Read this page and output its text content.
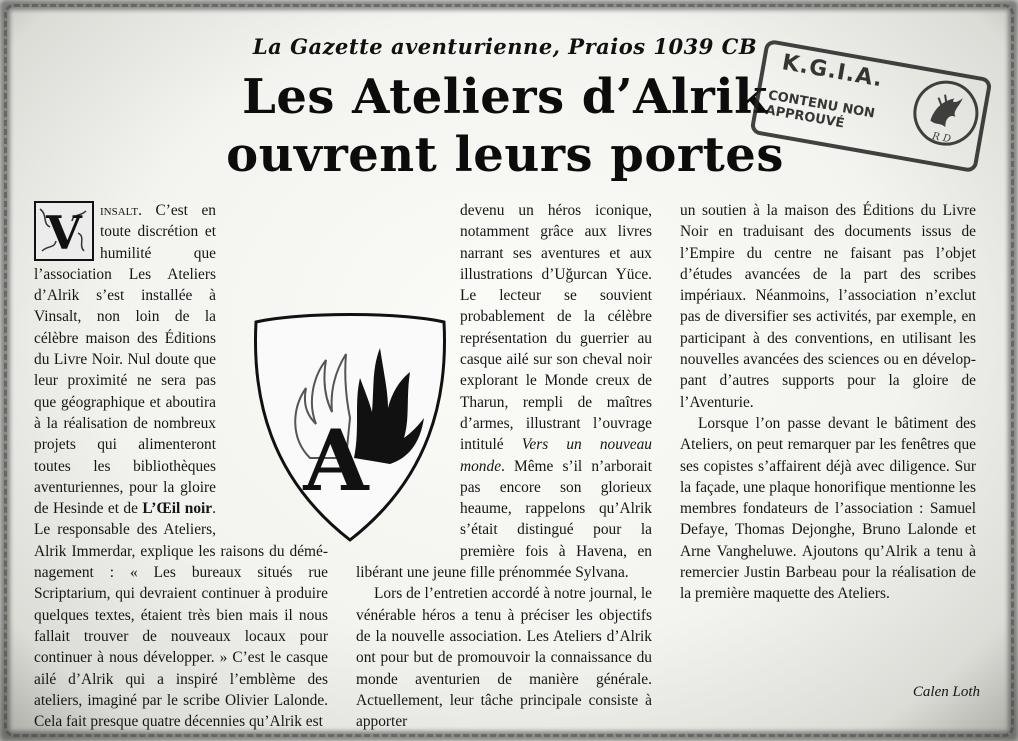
La Gazette aventurienne, Praios 1039 CB
Les Ateliers d’Alrik
ouvrent leurs portes
K.G.I.A.
CONTENU NON APPROUVÉ
R D
V	insalt. C’est en toute discrétion et humilité que l’association Les Ateliers d’Alrik s’est installée à Vinsalt, non loin de la célèbre maison des Éditions du Livre Noir. Nul doute que leur proximité ne sera pas que géographique et aboutira à la réalisation de nombreux projets qui alimenteront toutes les bibliothèques aventuriennes, pour la gloire de Hesinde et de L’Œil noir. Le responsable des Ateliers, Alrik Immerdar, explique les raisons du déménagement : « Les bureaux situés rue Scriptarium, qui devraient continuer à produire quelques textes, étaient très bien mais il nous fallait trouver de nouveaux locaux pour continuer à nous développer. » C’est le casque ailé d’Alrik qui a inspiré l’emblème des ateliers, imaginé par le scribe Olivier Lalonde. Cela fait presque quatre décennies qu’Alrik est

devenu un héros iconique, notamment grâce aux livres narrant ses aventures et aux illustrations d’Uğurcan Yüce. Le lecteur se souvient probablement de la célèbre représentation du guerrier au casque ailé sur son cheval noir explorant le Monde creux de Tharun, rempli de maîtres d’armes, illustrant l’ouvrage intitulé Vers un nouveau monde. Même s’il n’arborait pas encore son glorieux heaume, rappelons qu’Alrik s’était distingué pour la première fois à Havena, en libérant une jeune fille prénommée Sylvana.

Lors de l’entretien accordé à notre journal, le vénérable héros a tenu à préciser les objectifs de la nouvelle association. Les Ateliers d’Alrik ont pour but de promouvoir la connaissance du monde aventurien de manière générale. Actuellement, leur tâche principale consiste à apporter

un soutien à la maison des Éditions du Livre Noir en traduisant des documents issus de l’Empire du centre ne faisant pas l’objet d’études avancées de la part des scribes impériaux. Néanmoins, l’association n’exclut pas de diversifier ses activités, par exemple, en participant à des conventions, en utilisant les nouvelles avancées des sciences ou en développant d’autres supports pour la gloire de l’Aventurie.

Lorsque l’on passe devant le bâtiment des Ateliers, on peut remarquer par les fenêtres que ses copistes s’affairent déjà avec diligence. Sur la façade, une plaque honorifique mentionne les membres fondateurs de l’association : Samuel Defaye, Thomas Dejonghe, Bruno Lalonde et Arne Vangheluwe. Ajoutons qu’Alrik a tenu à remercier Justin Barbeau pour la réalisation de la première maquette des Ateliers.

A
Calen Loth
